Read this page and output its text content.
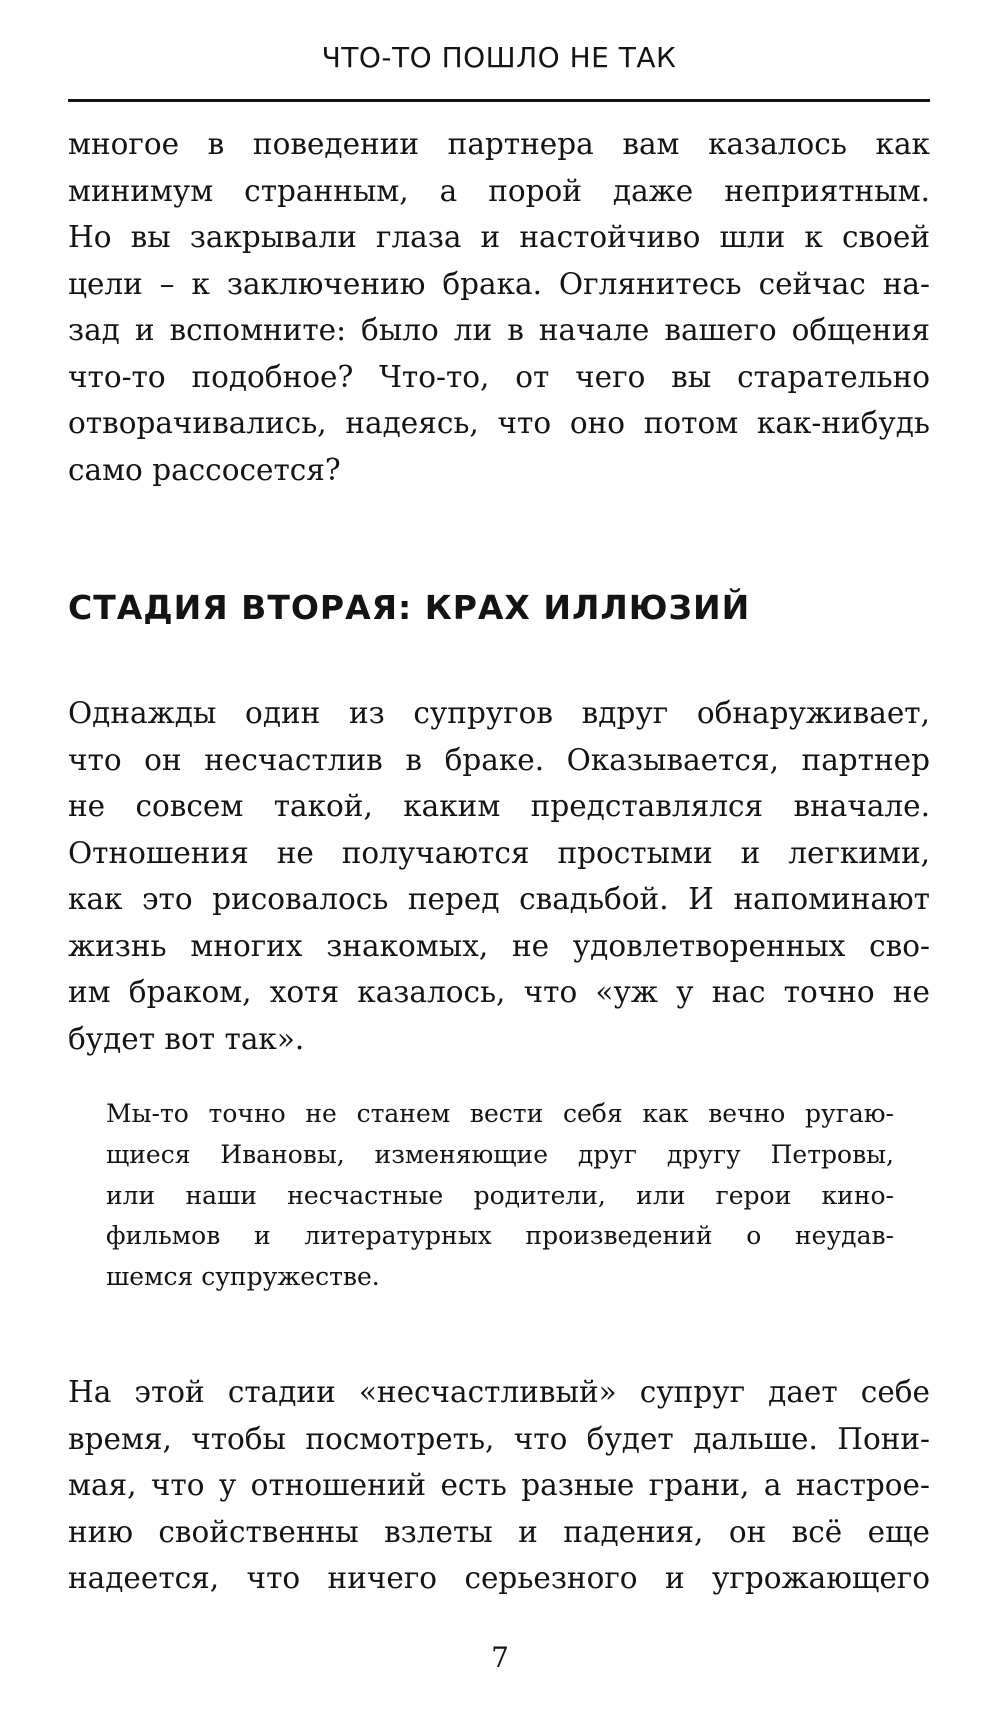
ЧТО-ТО ПОШЛО НЕ ТАК

многое в поведении партнера вам казалось как
минимум странным, а порой даже неприятным.
Но вы закрывали глаза и настойчиво шли к своей
цели – к заключению брака. Оглянитесь сейчас на-
зад и вспомните: было ли в начале вашего общения
что-то подобное? Что-то, от чего вы старательно
отворачивались, надеясь, что оно потом как-нибудь
само рассосется?

СТАДИЯ ВТОРАЯ: КРАХ ИЛЛЮЗИЙ

Однажды один из супругов вдруг обнаруживает,
что он несчастлив в браке. Оказывается, партнер
не совсем такой, каким представлялся вначале.
Отношения не получаются простыми и легкими,
как это рисовалось перед свадьбой. И напоминают
жизнь многих знакомых, не удовлетворенных сво-
им браком, хотя казалось, что «уж у нас точно не
будет вот так».

Мы-то точно не станем вести себя как вечно ругаю-
щиеся Ивановы, изменяющие друг другу Петровы,
или наши несчастные родители, или герои кино-
фильмов и литературных произведений о неудав-
шемся супружестве.

На этой стадии «несчастливый» супруг дает себе
время, чтобы посмотреть, что будет дальше. Пони-
мая, что у отношений есть разные грани, а настрое-
нию свойственны взлеты и падения, он всё еще
надеется, что ничего серьезного и угрожающего

7
